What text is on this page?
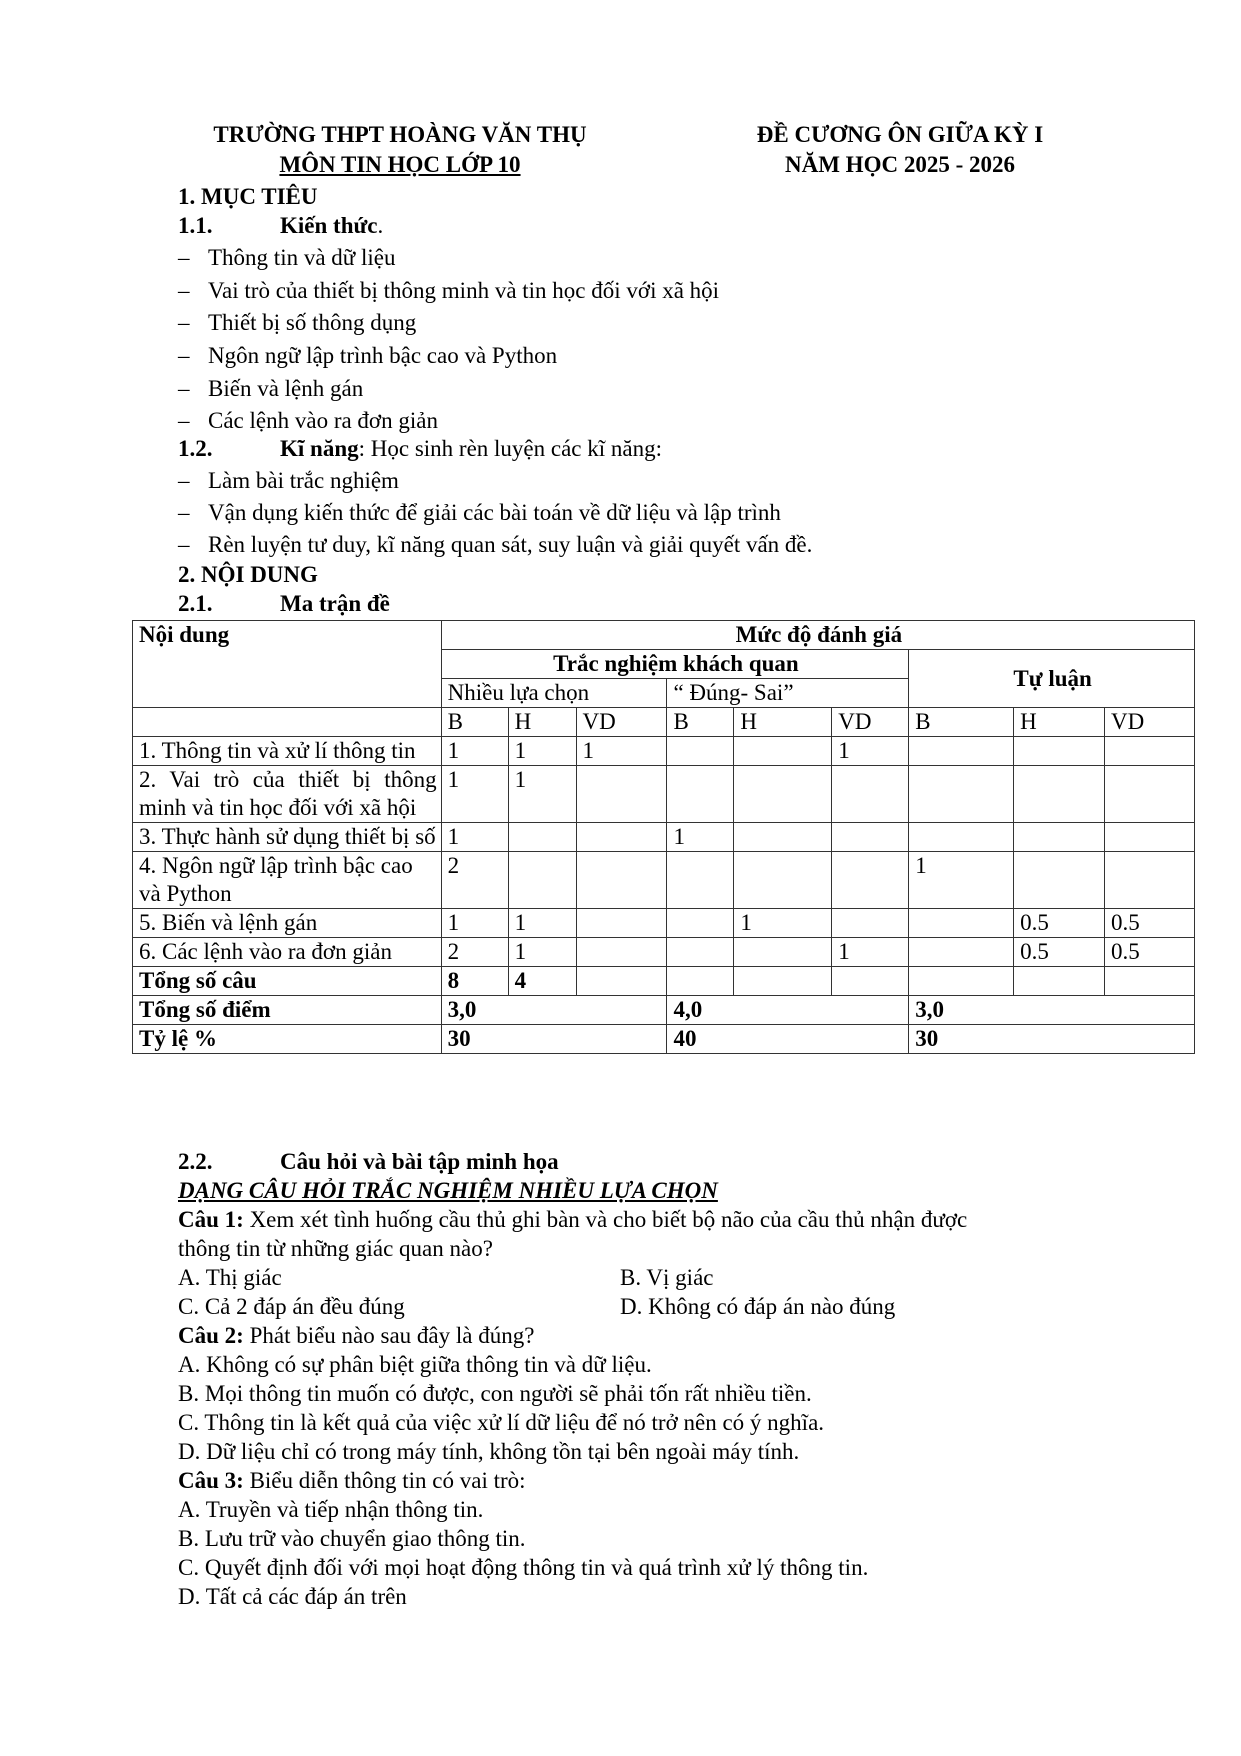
TRƯỜNG THPT HOÀNG VĂN THỤ
MÔN TIN HỌC LỚP 10
ĐỀ CƯƠNG ÔN GIỮA KỲ I
NĂM HỌC 2025 - 2026
1. MỤC TIÊU
1.1.	Kiến thức.
– Thông tin và dữ liệu
– Vai trò của thiết bị thông minh và tin học đối với xã hội
– Thiết bị số thông dụng
– Ngôn ngữ lập trình bậc cao và Python
– Biến và lệnh gán
– Các lệnh vào ra đơn giản
1.2.	Kĩ năng: Học sinh rèn luyện các kĩ năng:
– Làm bài trắc nghiệm
– Vận dụng kiến thức để giải các bài toán về dữ liệu và lập trình
– Rèn luyện tư duy, kĩ năng quan sát, suy luận và giải quyết vấn đề.
2. NỘI DUNG
2.1.	Ma trận đề
Nội dung	Mức độ đánh giá								
	Trắc nghiệm khách quan						Tự luận		
	Nhiều lựa chọn			“ Đúng- Sai”					
	B	H	VD	B	H	VD	B	H	VD
1. Thông tin và xử lí thông tin	1	1	1			1			
2. Vai trò của thiết bị thông minh và tin học đối với xã hội	1	1							
3. Thực hành sử dụng thiết bị số	1			1					
4. Ngôn ngữ lập trình bậc cao và Python	2						1		
5. Biến và lệnh gán	1	1			1			0.5	0.5
6. Các lệnh vào ra đơn giản	2	1				1		0.5	0.5
Tổng số câu	8	4							
Tổng số điểm	3,0			4,0			3,0		
Tỷ lệ %	30			40			30		
2.2.	Câu hỏi và bài tập minh họa
DẠNG CÂU HỎI TRẮC NGHIỆM NHIỀU LỰA CHỌN
Câu 1: Xem xét tình huống cầu thủ ghi bàn và cho biết bộ não của cầu thủ nhận được
thông tin từ những giác quan nào?
A. Thị giác	B. Vị giác
C. Cả 2 đáp án đều đúng	D. Không có đáp án nào đúng
Câu 2: Phát biểu nào sau đây là đúng?
A. Không có sự phân biệt giữa thông tin và dữ liệu.
B. Mọi thông tin muốn có được, con người sẽ phải tốn rất nhiều tiền.
C. Thông tin là kết quả của việc xử lí dữ liệu để nó trở nên có ý nghĩa.
D. Dữ liệu chỉ có trong máy tính, không tồn tại bên ngoài máy tính.
Câu 3: Biểu diễn thông tin có vai trò:
A. Truyền và tiếp nhận thông tin.
B. Lưu trữ vào chuyển giao thông tin.
C. Quyết định đối với mọi hoạt động thông tin và quá trình xử lý thông tin.
D. Tất cả các đáp án trên
